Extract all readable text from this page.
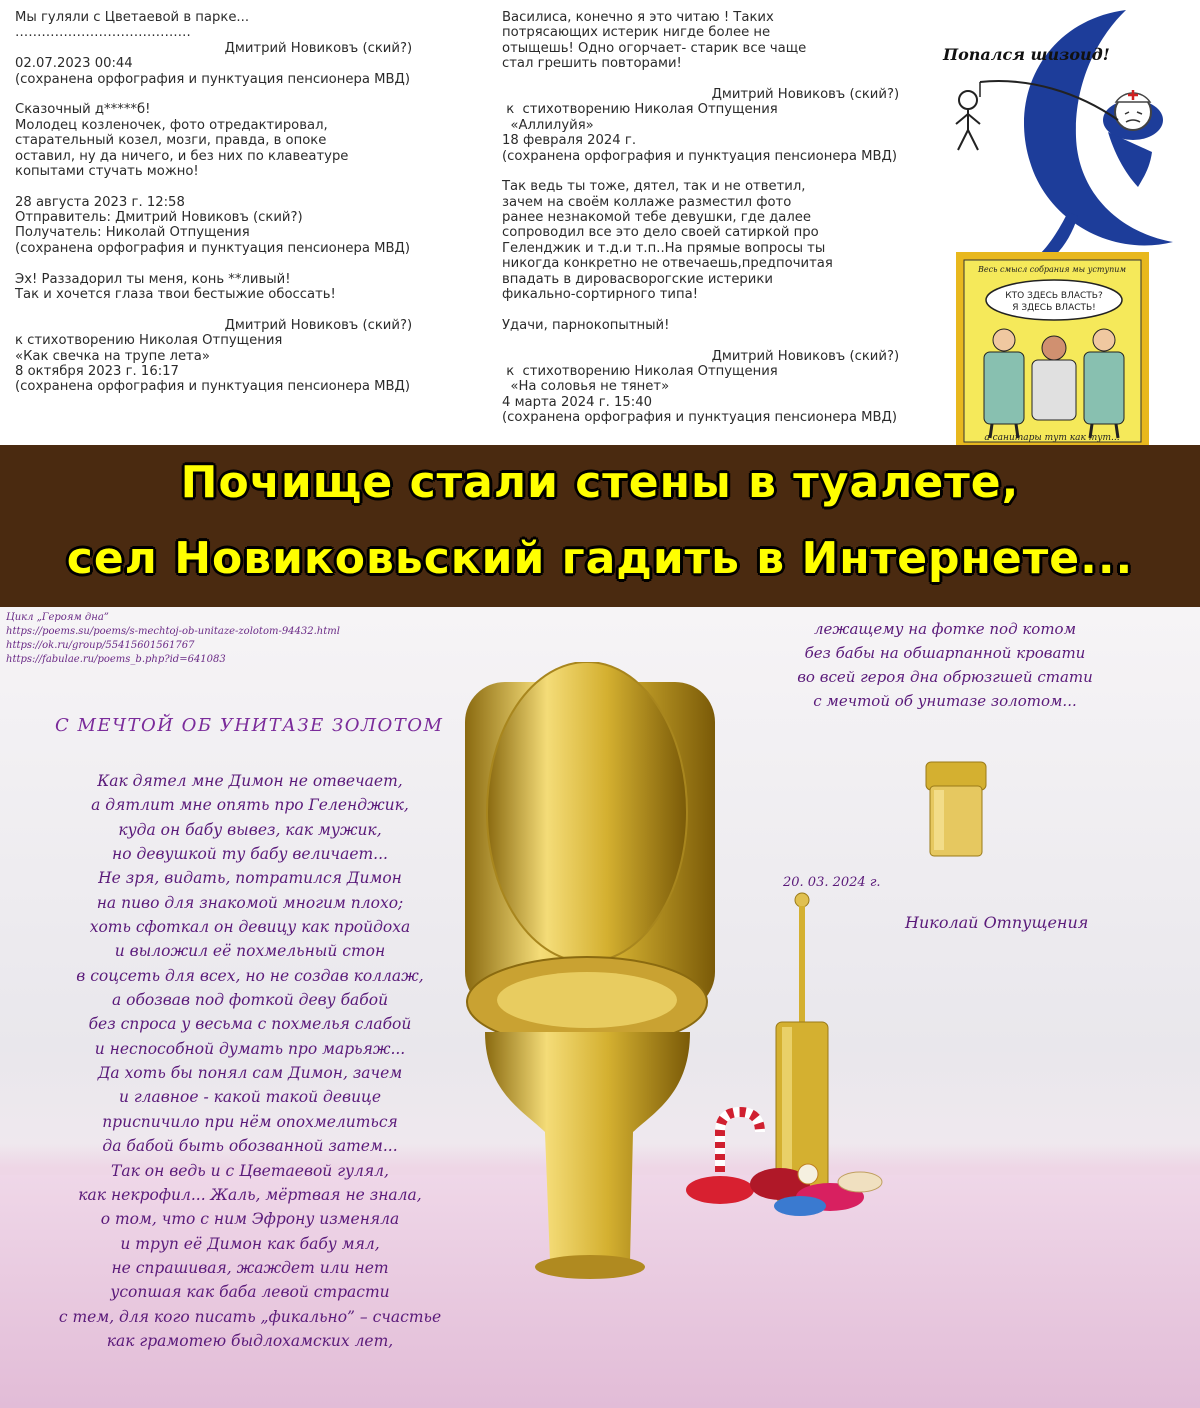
Мы гуляли с Цветаевой в парке...
………………………………….
Дмитрий Новиковъ (ский?)
02.07.2023 00:44
(сохранена орфография и пунктуация пенсионера МВД)
Сказочный д*****б!
Молодец козленочек, фото отредактировал,
старательный козел, мозги, правда, в опоке
оставил, ну да ничего, и без них по клавеатуре
копытами стучать можно!
28 августа 2023 г. 12:58
Отправитель: Дмитрий Новиковъ (ский?)
Получатель: Николай Отпущения
(сохранена орфография и пунктуация пенсионера МВД)
Эх! Раззадорил ты меня, конь **ливый!
Так и хочется глаза твои бестыжие обоссать!
Дмитрий Новиковъ (ский?)
к стихотворению Николая Отпущения
«Как свечка на трупе лета»
8 октября 2023 г. 16:17
(сохранена орфография и пунктуация пенсионера МВД)
Василиса, конечно я это читаю ! Таких
потрясающих истерик нигде более не
отыщешь! Одно огорчает- старик все чаще
стал грешить повторами!
Дмитрий Новиковъ (ский?)
к  стихотворению Николая Отпущения
«Аллилуйя»
18 февраля 2024 г.
(сохранена орфография и пунктуация пенсионера МВД)
Так ведь ты тоже, дятел, так и не ответил,
зачем на своём коллаже разместил фото
ранее незнакомой тебе девушки, где далее
сопроводил все это дело своей сатиркой про
Геленджик и т.д.и т.п..На прямые вопросы ты
никогда конкретно не отвечаешь,предпочитая
впадать в дировасворогские истерики
фикально-сортирного типа!
Удачи, парнокопытный!
Дмитрий Новиковъ (ский?)
к  стихотворению Николая Отпущения
«На соловья не тянет»
4 марта 2024 г. 15:40
(сохранена орфография и пунктуация пенсионера МВД)
Попался шизоид!
Весь смысл собрания мы уступим
КТО ЗДЕСЬ ВЛАСТЬ?
Я ЗДЕСЬ ВЛАСТЬ!
а санитары тут как тут...
Почище стали стены в туалете,
сел Новиковьский гадить в Интернете...
Цикл „Героям дна”
https://poems.su/poems/s-mechtoj-ob-unitaze-zolotom-94432.html
https://ok.ru/group/55415601561767
https://fabulae.ru/poems_b.php?id=641083
С МЕЧТОЙ ОБ УНИТАЗЕ ЗОЛОТОМ
Как дятел мне Димон не отвечает,
а дятлит мне опять про Геленджик,
куда он бабу вывез, как мужик,
но девушкой ту бабу величает...
Не зря, видать, потратился Димон
на пиво для знакомой многим плохо;
хоть сфоткал он девицу как пройдоха
и выложил её похмельный стон
в соцсеть для всех, но не создав коллаж,
а обозвав под фоткой деву бабой
без спроса у весьма с похмелья слабой
и неспособной думать про марьяж...
Да хоть бы понял сам Димон, зачем
и главное - какой такой девице
приспичило при нём опохмелиться
да бабой быть обозванной затем...
Так он ведь и с Цветаевой гулял,
как некрофил... Жаль, мёртвая не знала,
о том, что с ним Эфрону изменяла
и труп её Димон как бабу мял,
не спрашивая, жаждет или нет
усопшая как баба левой страсти
с тем, для кого писать „фикально” – счастье
как грамотею быдлохамских лет,
лежащему на фотке под котом
без бабы на обшарпанной кровати
во всей героя дна обрюзгшей стати
с мечтой об унитазе золотом...
20. 03. 2024 г.
Николай Отпущения
